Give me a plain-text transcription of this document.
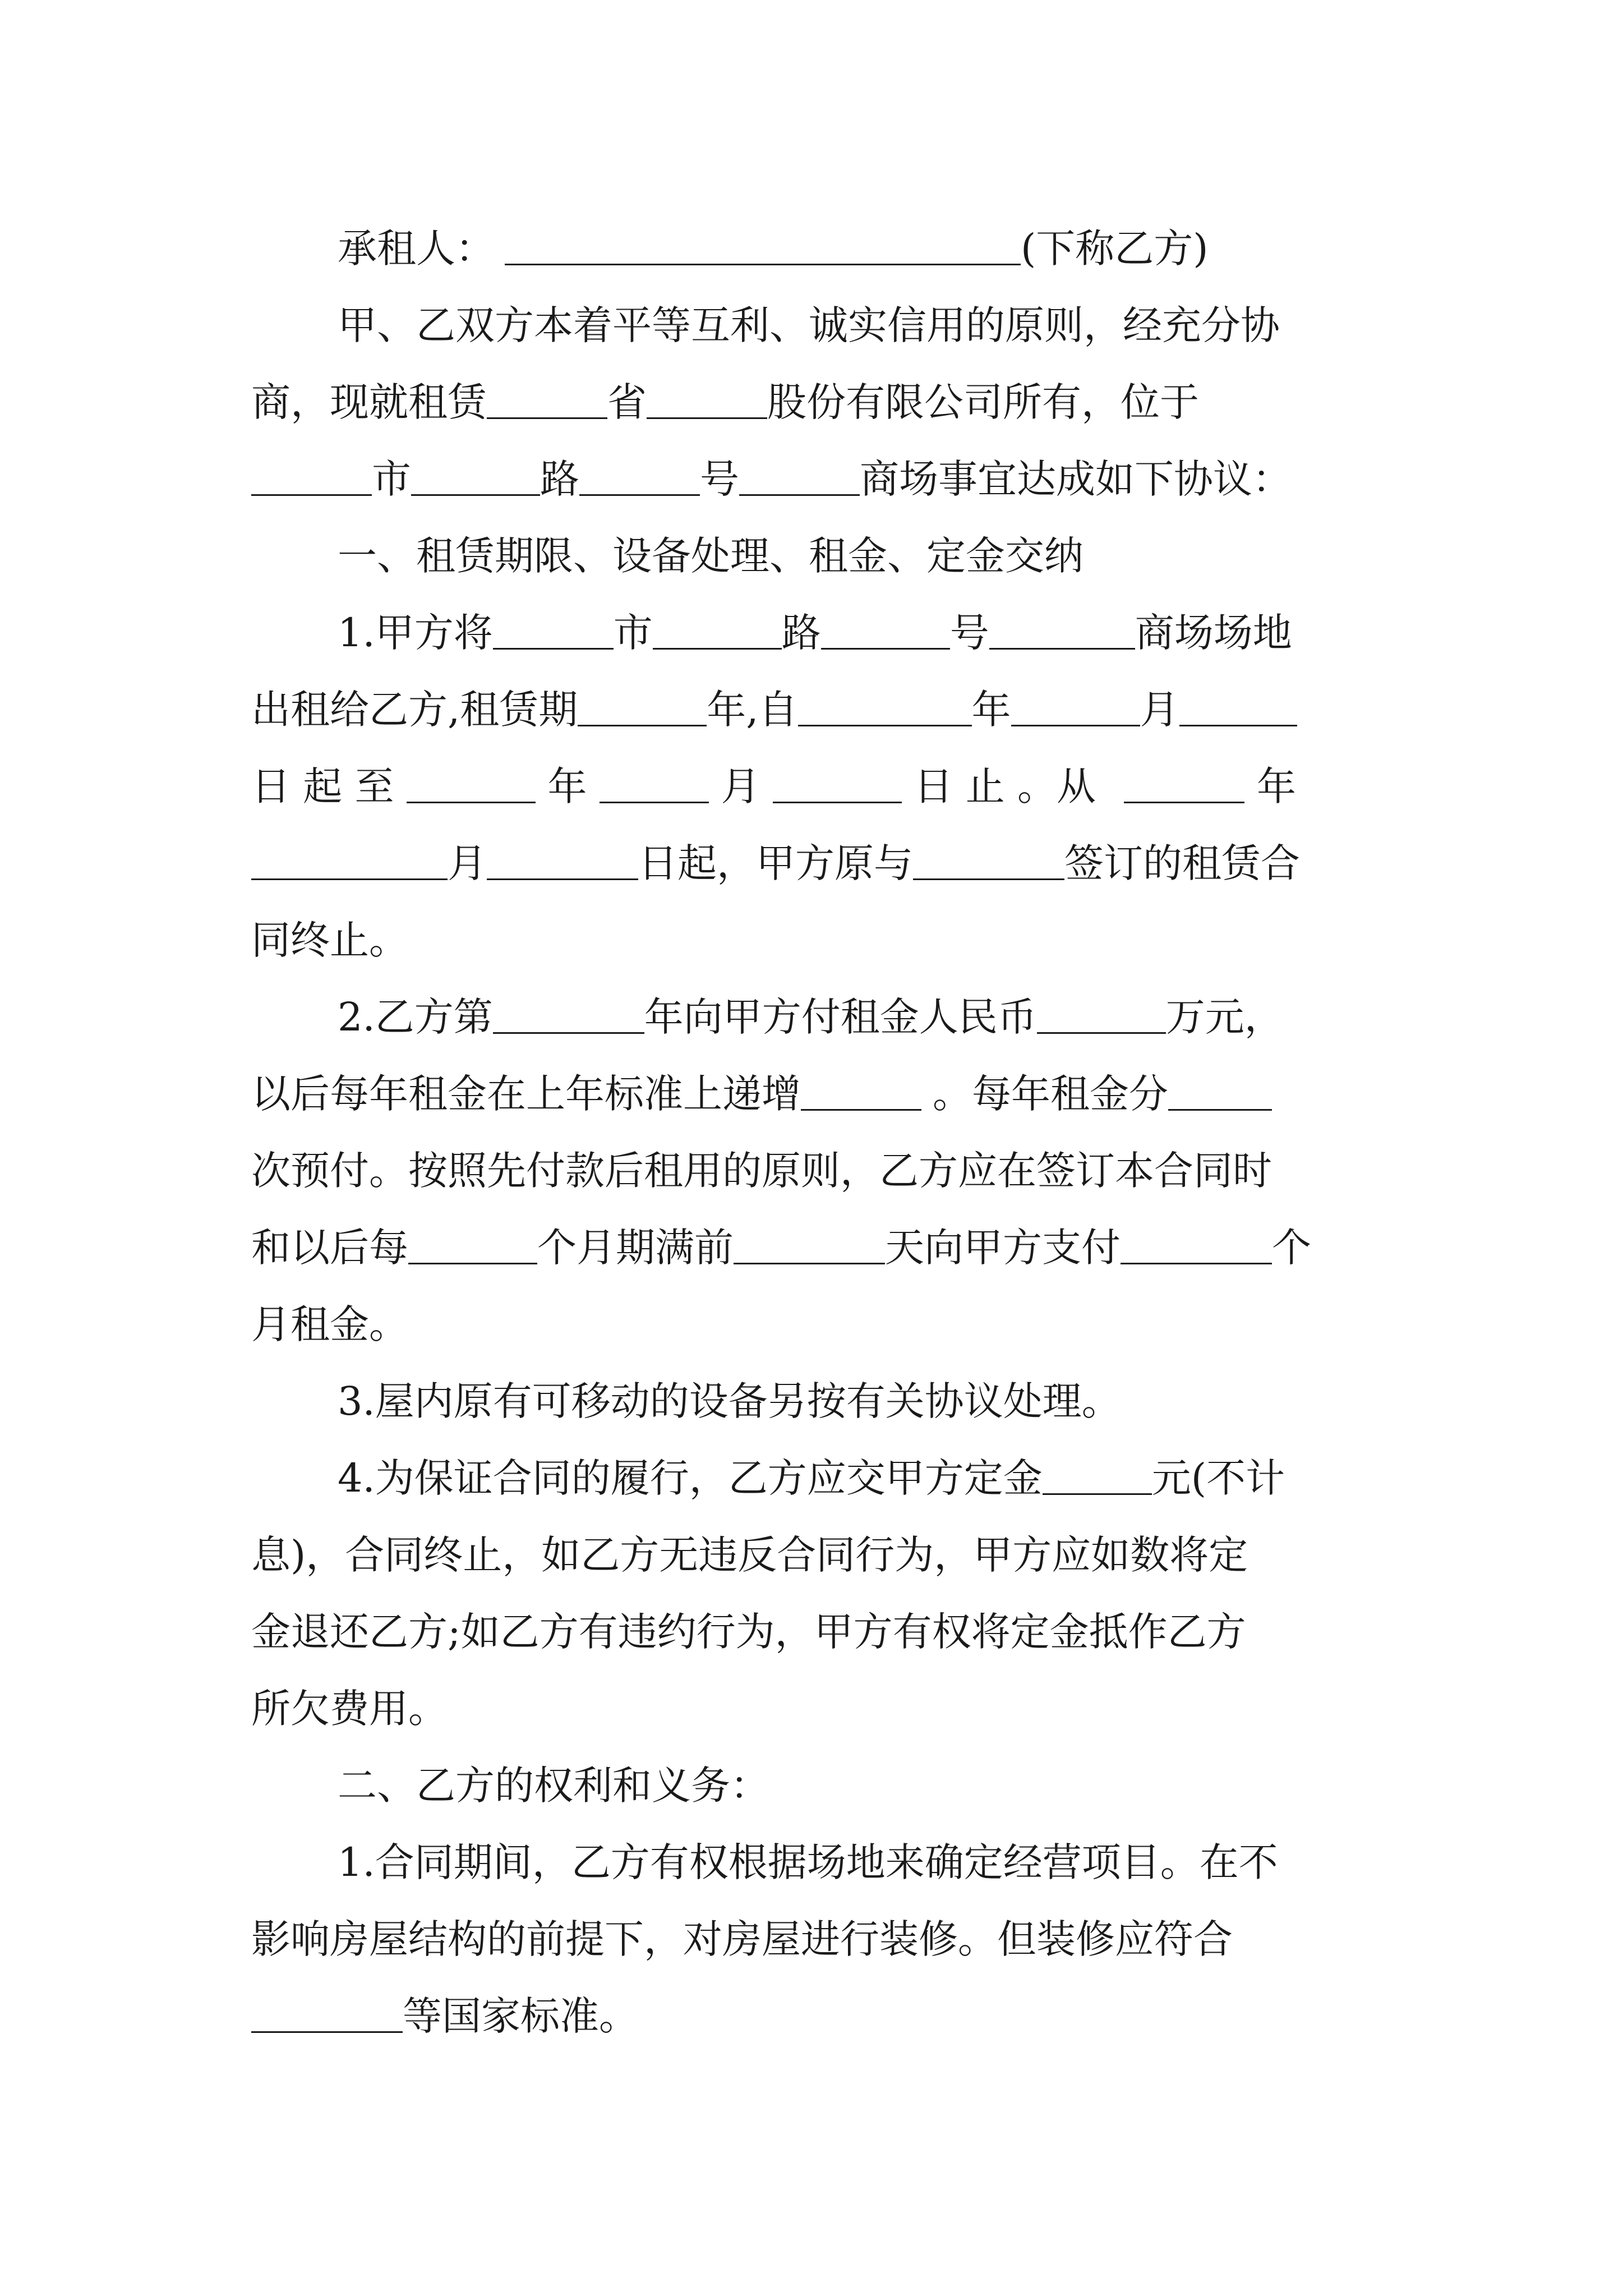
承租人：	(下称乙方)
甲、乙双方本着平等互利、诚实信用的原则，经充分协
商，现就租赁	省	股份有限公司所有，位于
市	路	号	商场事宜达成如下协议：
一、租赁期限、设备处理、租金、定金交纳
1.甲方将	市	路	号	商场场地
出租给乙方,租赁期	年,自	年	月
日 起 至	年	月	日 止 。从	年
月	日起，甲方原与	签订的租赁合
同终止。
2.乙方第	年向甲方付租金人民币	万元，
以后每年租金在上年标准上递增	。每年租金分
次预付。按照先付款后租用的原则，乙方应在签订本合同时
和以后每	个月期满前	天向甲方支付	个
月租金。
3.屋内原有可移动的设备另按有关协议处理。
4.为保证合同的履行，乙方应交甲方定金	元(不计
息)，合同终止，如乙方无违反合同行为，甲方应如数将定
金退还乙方;如乙方有违约行为，甲方有权将定金抵作乙方
所欠费用。
二、乙方的权利和义务：
1.合同期间，乙方有权根据场地来确定经营项目。在不
影响房屋结构的前提下，对房屋进行装修。但装修应符合
等国家标准。
